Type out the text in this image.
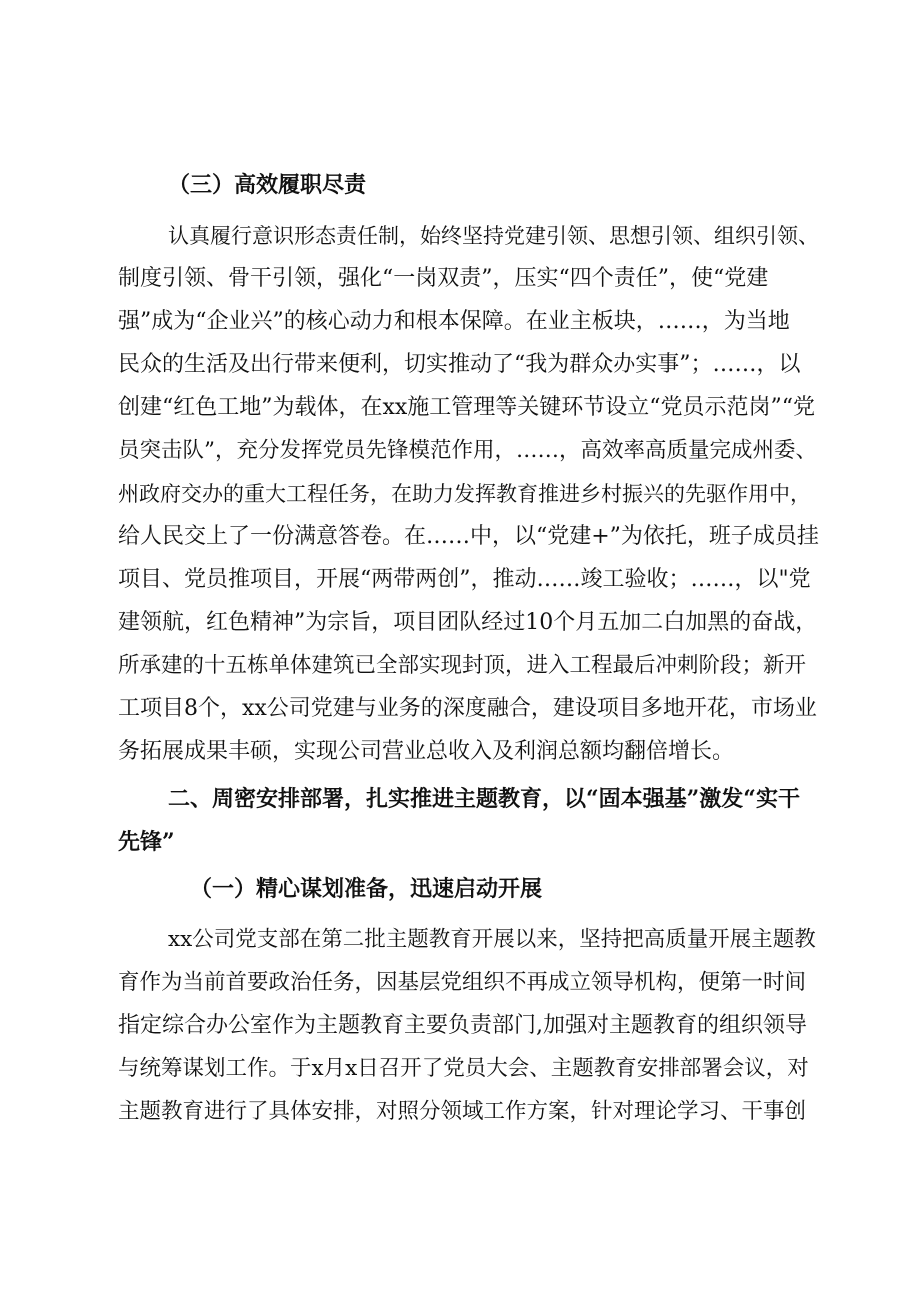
（三）高效履职尽责

认真履行意识形态责任制，始终坚持党建引领、思想引领、组织引领、

制度引领、骨干引领，强化“一岗双责”，压实“四个责任”，使“党建

强”成为“企业兴”的核心动力和根本保障。在业主板块，……，为当地

民众的生活及出行带来便利，切实推动了“我为群众办实事”；……，以

创建“红色工地”为载体，在xx施工管理等关键环节设立“党员示范岗”“党

员突击队”，充分发挥党员先锋模范作用，……，高效率高质量完成州委、

州政府交办的重大工程任务，在助力发挥教育推进乡村振兴的先驱作用中，

给人民交上了一份满意答卷。在……中，以“党建+”为依托，班子成员挂

项目、党员推项目，开展“两带两创”，推动……竣工验收；……，以"党

建领航，红色精神”为宗旨，项目团队经过10个月五加二白加黑的奋战，

所承建的十五栋单体建筑已全部实现封顶，进入工程最后冲刺阶段；新开

工项目8个，xx公司党建与业务的深度融合，建设项目多地开花，市场业

务拓展成果丰硕，实现公司营业总收入及利润总额均翻倍增长。

二、周密安排部署，扎实推进主题教育，以“固本强基”激发“实干

先锋”

（一）精心谋划准备，迅速启动开展

xx公司党支部在第二批主题教育开展以来，坚持把高质量开展主题教

育作为当前首要政治任务，因基层党组织不再成立领导机构，便第一时间

指定综合办公室作为主题教育主要负责部门,加强对主题教育的组织领导

与统筹谋划工作。于x月x日召开了党员大会、主题教育安排部署会议，对

主题教育进行了具体安排，对照分领域工作方案，针对理论学习、干事创
